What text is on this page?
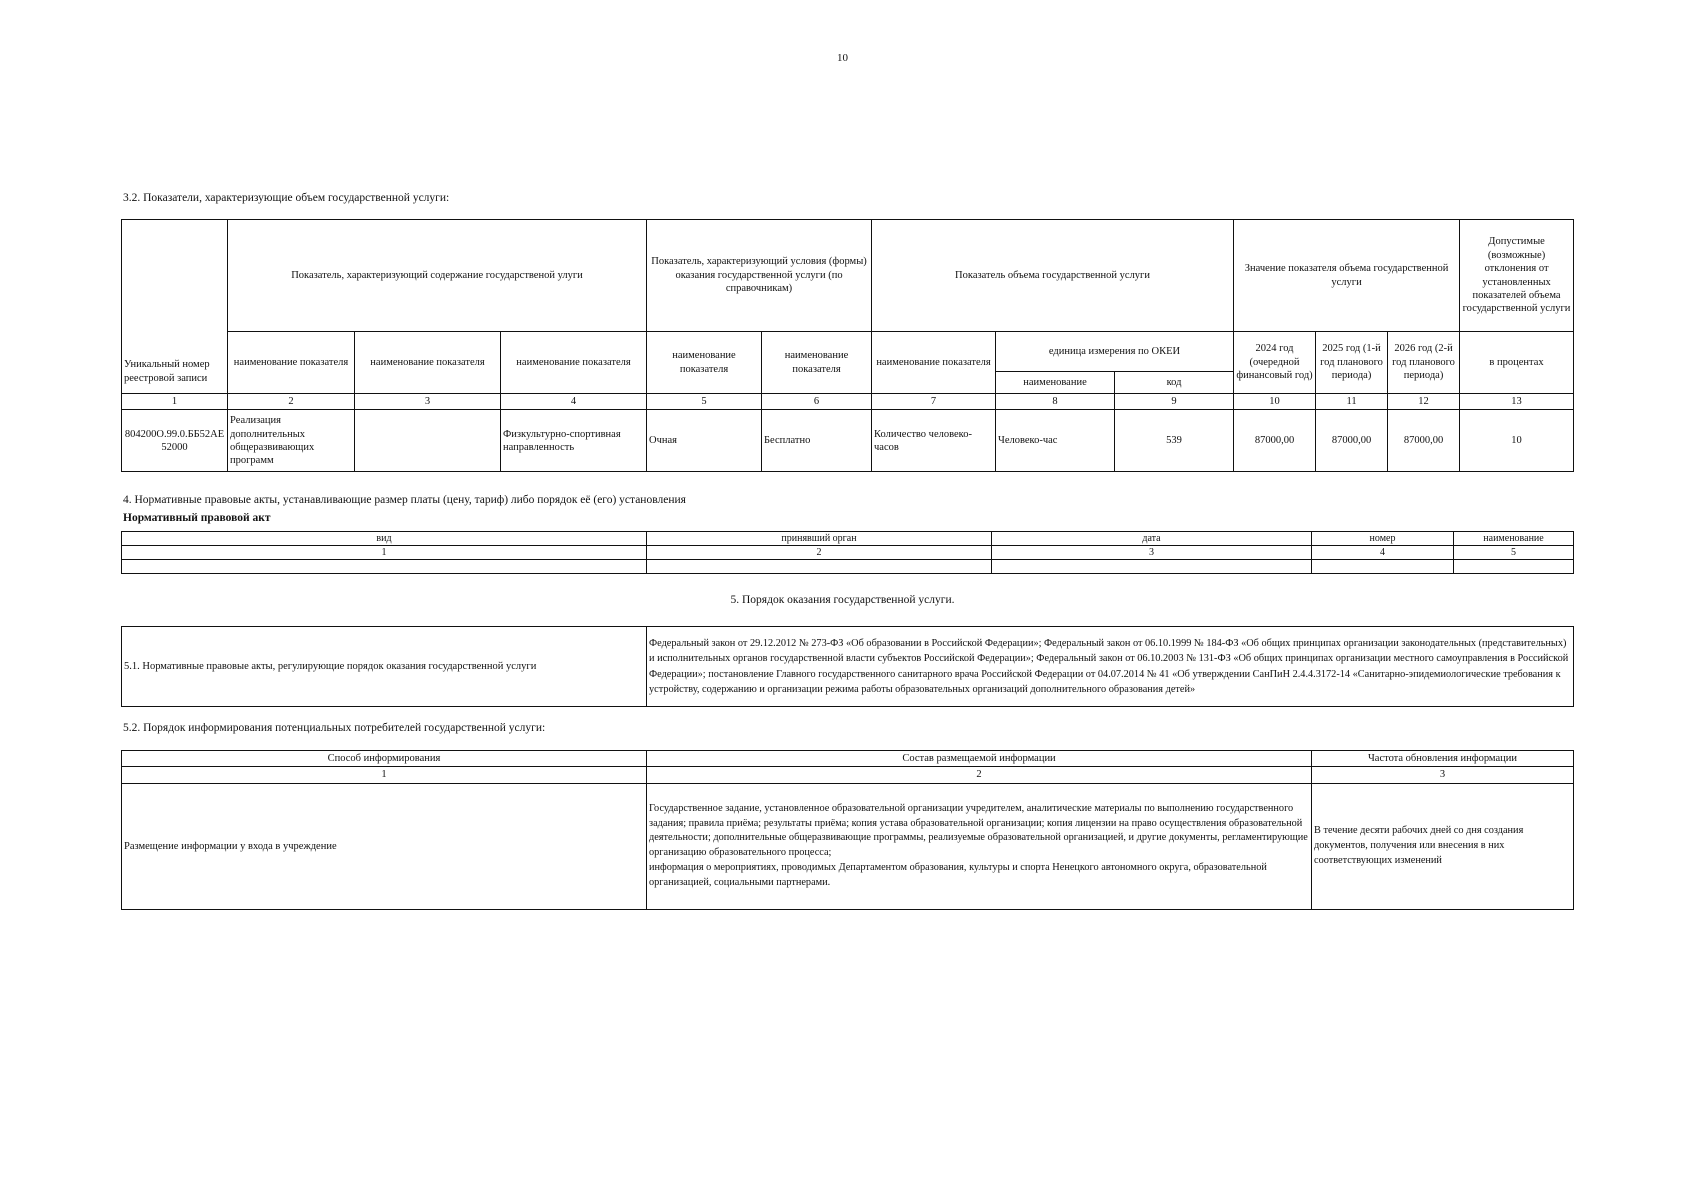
10
3.2. Показатели, характеризующие объем государственной услуги:
Уникальный номер реестровой записи	Показатель, характеризующий содержание государственой улуги			Показатель, характеризующий условия (формы) оказания государственной услуги (по справочникам)		Показатель объема государственной услуги			Значение показателя объема государственной услуги			Допустимые (возможные) отклонения от установленных показателей объема государственной услуги
	наименование показателя	наименование показателя	наименование показателя	наименование показателя	наименование показателя	наименование показателя	единица измерения по ОКЕИ		2024 год (очередной финансовый год)	2025 год (1-й год планового периода)	2026 год (2-й год планового периода)	в процентах
							наименование	код				
1	2	3	4	5	6	7	8	9	10	11	12	13
804200О.99.0.ББ52АЕ52000	Реализация дополнительных общеразвивающих программ		Физкультурно-спортивная направленность	Очная	Бесплатно	Количество человеко-часов	Человеко-час	539	87000,00	87000,00	87000,00	10
4. Нормативные правовые акты, устанавливающие размер платы (цену, тариф) либо порядок её (его) установления
Нормативный правовой акт
вид	принявший орган	дата	номер	наименование
1	2	3	4	5

5. Порядок оказания государственной услуги.
5.1. Нормативные правовые акты, регулирующие порядок оказания государственной услуги	Федеральный закон от 29.12.2012 № 273-ФЗ «Об образовании в Российской Федерации»; Федеральный закон от 06.10.1999 № 184-ФЗ «Об общих принципах организации законодательных (представительных) и исполнительных органов государственной власти субъектов Российской Федерации»; Федеральный закон от 06.10.2003 № 131-ФЗ «Об общих принципах организации местного самоуправления в Российской Федерации»; постановление Главного государственного санитарного врача Российской Федерации от 04.07.2014 № 41 «Об утверждении СанПиН 2.4.4.3172-14 «Санитарно-эпидемиологические требования к устройству, содержанию и организации режима работы образовательных организаций дополнительного образования детей»
5.2. Порядок информирования потенциальных потребителей государственной услуги:
Способ информирования	Состав размещаемой информации	Частота обновления информации
1	2	3
Размещение информации у входа в учреждение	Государственное задание, установленное образовательной организации учредителем, аналитические материалы по выполнению государственного задания; правила приёма; результаты приёма; копия устава образовательной организации; копия лицензии на право осуществления образовательной деятельности; дополнительные общеразвивающие программы, реализуемые образовательной организацией, и другие документы, регламентирующие организацию образовательного процесса;
информация о мероприятиях, проводимых Департаментом образования, культуры и спорта Ненецкого автономного округа, образовательной организацией, социальными партнерами.	В течение десяти рабочих дней со дня создания документов, получения или внесения в них соответствующих изменений
